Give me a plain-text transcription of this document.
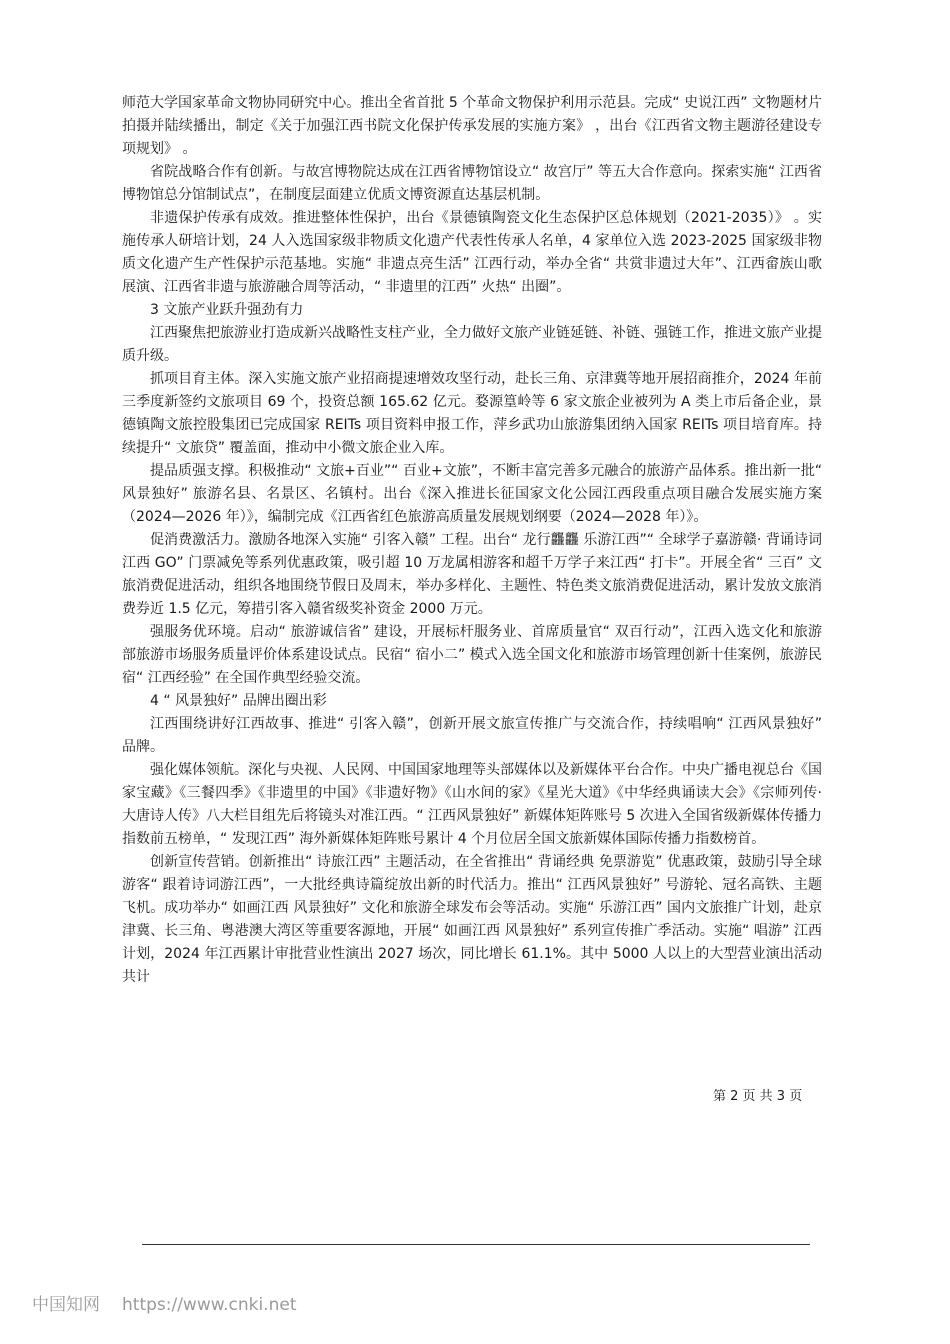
师范大学国家革命文物协同研究中心。推出全省首批 5 个革命文物保护利用示范县。完成“ 史说江西” 文物题材片拍摄并陆续播出，制定《关于加强江西书院文化保护传承发展的实施方案》 ，出台《江西省文物主题游径建设专项规划》 。

省院战略合作有创新。与故宫博物院达成在江西省博物馆设立“ 故宫厅” 等五大合作意向。探索实施“ 江西省博物馆总分馆制试点”，在制度层面建立优质文博资源直达基层机制。

非遗保护传承有成效。推进整体性保护，出台《景德镇陶瓷文化生态保护区总体规划（2021-2035）》 。实施传承人研培计划，24 人入选国家级非物质文化遗产代表性传承人名单，4 家单位入选 2023-2025 国家级非物质文化遗产生产性保护示范基地。实施“ 非遗点亮生活” 江西行动，举办全省“ 共赏非遗过大年”、江西畲族山歌展演、江西省非遗与旅游融合周等活动，“ 非遗里的江西” 火热“ 出圈”。

3 文旅产业跃升强劲有力

江西聚焦把旅游业打造成新兴战略性支柱产业，全力做好文旅产业链延链、补链、强链工作，推进文旅产业提质升级。

抓项目育主体。深入实施文旅产业招商提速增效攻坚行动，赴长三角、京津冀等地开展招商推介，2024 年前三季度新签约文旅项目 69 个，投资总额 165.62 亿元。婺源篁岭等 6 家文旅企业被列为 A 类上市后备企业，景德镇陶文旅控股集团已完成国家 REITs 项目资料申报工作，萍乡武功山旅游集团纳入国家 REITs 项目培育库。持续提升“ 文旅贷” 覆盖面，推动中小微文旅企业入库。

提品质强支撑。积极推动“ 文旅+百业”“ 百业+文旅”，不断丰富完善多元融合的旅游产品体系。推出新一批“ 风景独好” 旅游名县、名景区、名镇村。出台《深入推进长征国家文化公园江西段重点项目融合发展实施方案（2024—2026 年）》，编制完成《江西省红色旅游高质量发展规划纲要（2024—2028 年）》。

促消费激活力。激励各地深入实施“ 引客入赣” 工程。出台“ 龙行龘龘 乐游江西”“ 全球学子嘉游赣· 背诵诗词江西 GO” 门票减免等系列优惠政策，吸引超 10 万龙属相游客和超千万学子来江西“ 打卡”。开展全省“ 三百” 文旅消费促进活动，组织各地围绕节假日及周末，举办多样化、主题性、特色类文旅消费促进活动，累计发放文旅消费券近 1.5 亿元，筹措引客入赣省级奖补资金 2000 万元。

强服务优环境。启动“ 旅游诚信省” 建设，开展标杆服务业、首席质量官“ 双百行动”，江西入选文化和旅游部旅游市场服务质量评价体系建设试点。民宿“ 宿小二” 模式入选全国文化和旅游市场管理创新十佳案例，旅游民宿“ 江西经验” 在全国作典型经验交流。

4 “ 风景独好” 品牌出圈出彩

江西围绕讲好江西故事、推进“ 引客入赣”，创新开展文旅宣传推广与交流合作，持续唱响“ 江西风景独好” 品牌。

强化媒体领航。深化与央视、人民网、中国国家地理等头部媒体以及新媒体平台合作。中央广播电视总台《国家宝藏》《三餐四季》《非遗里的中国》《非遗好物》《山水间的家》《星光大道》《中华经典诵读大会》《宗师列传· 大唐诗人传》八大栏目组先后将镜头对准江西。“ 江西风景独好” 新媒体矩阵账号 5 次进入全国省级新媒体传播力指数前五榜单，“ 发现江西” 海外新媒体矩阵账号累计 4 个月位居全国文旅新媒体国际传播力指数榜首。

创新宣传营销。创新推出“ 诗旅江西” 主题活动，在全省推出“ 背诵经典 免票游览” 优惠政策，鼓励引导全球游客“ 跟着诗词游江西”，一大批经典诗篇绽放出新的时代活力。推出“ 江西风景独好” 号游轮、冠名高铁、主题飞机。成功举办“ 如画江西 风景独好” 文化和旅游全球发布会等活动。实施“ 乐游江西” 国内文旅推广计划，赴京津冀、长三角、粤港澳大湾区等重要客源地，开展“ 如画江西 风景独好” 系列宣传推广季活动。实施“ 唱游” 江西计划，2024 年江西累计审批营业性演出 2027 场次，同比增长 61.1%。其中 5000 人以上的大型营业演出活动共计

第 2 页 共 3 页
中国知网 https://www.cnki.net
